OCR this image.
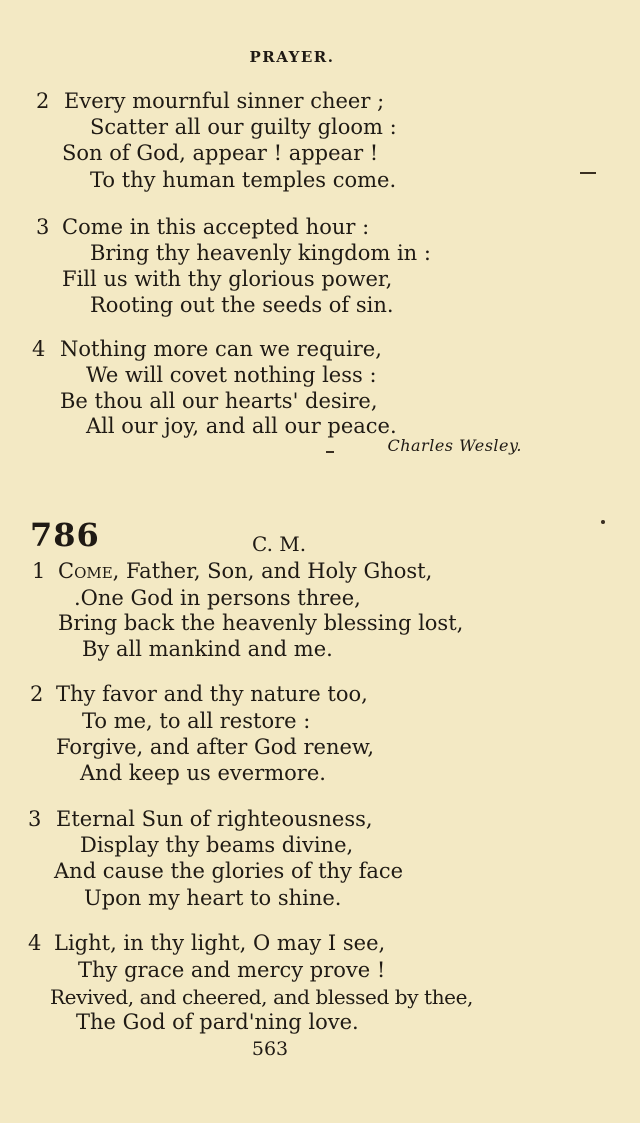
PRAYER.
2 Every mournful sinner cheer ;
Scatter all our guilty gloom :
Son of God, appear ! appear !
To thy human temples come.
3 Come in this accepted hour :
Bring thy heavenly kingdom in :
Fill us with thy glorious power,
Rooting out the seeds of sin.
4 Nothing more can we require,
We will covet nothing less :
Be thou all our hearts' desire,
All our joy, and all our peace.
Charles Wesley.
786	C. M.
1 Come, Father, Son, and Holy Ghost,
.One God in persons three,
Bring back the heavenly blessing lost,
By all mankind and me.
2 Thy favor and thy nature too,
To me, to all restore :
Forgive, and after God renew,
And keep us evermore.
3 Eternal Sun of righteousness,
Display thy beams divine,
And cause the glories of thy face
Upon my heart to shine.
4 Light, in thy light, O may I see,
Thy grace and mercy prove !
Revived, and cheered, and blessed by thee,
The God of pard'ning love.
563
